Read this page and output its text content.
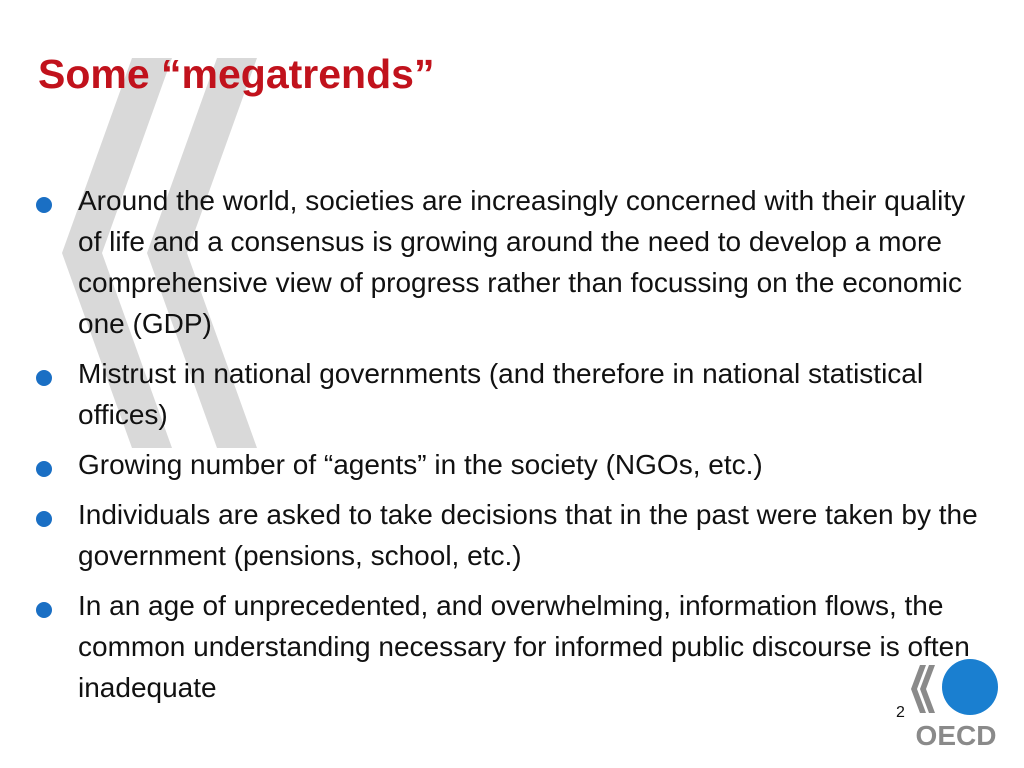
Some “megatrends”
Around the world, societies are increasingly concerned with their quality of life and a consensus is growing around the need to develop a more comprehensive view of progress rather than focussing on the economic one (GDP)
Mistrust in national governments (and therefore in national statistical offices)
Growing number of “agents” in the society (NGOs, etc.)
Individuals are asked to take decisions that in the past were taken by the government (pensions, school, etc.)
In an age of unprecedented, and overwhelming, information flows, the common understanding necessary for informed public discourse is often inadequate
2
OECD
